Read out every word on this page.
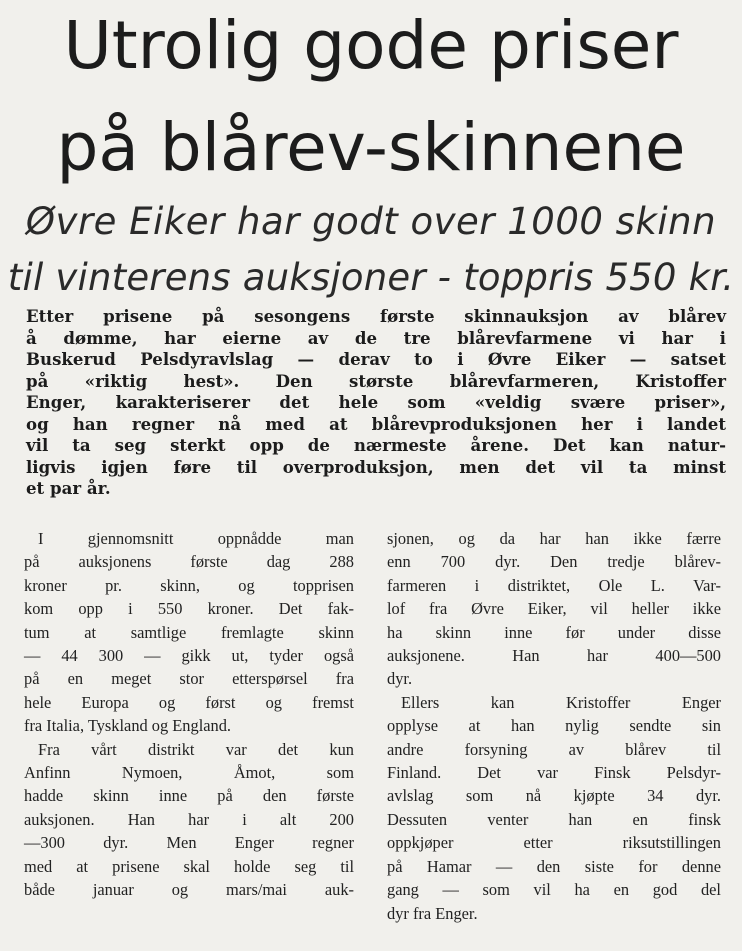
Utrolig gode priser
på blårev-skinnene
Øvre Eiker har godt over 1000 skinn
til vinterens auksjoner - toppris 550 kr.
Etter prisene på sesongens første skinnauksjon av blårev
å dømme, har eierne av de tre blårevfarmene vi har i
Buskerud Pelsdyravlslag — derav to i Øvre Eiker — satset
på «riktig hest». Den største blårevfarmeren, Kristoffer
Enger, karakteriserer det hele som «veldig svære priser»,
og han regner nå med at blårevproduksjonen her i landet
vil ta seg sterkt opp de nærmeste årene. Det kan natur-
ligvis igjen føre til overproduksjon, men det vil ta minst
et par år.
I gjennomsnitt oppnådde man
på auksjonens første dag 288
kroner pr. skinn, og topprisen
kom opp i 550 kroner. Det fak-
tum at samtlige fremlagte skinn
— 44 300 — gikk ut, tyder også
på en meget stor etterspørsel fra
hele Europa og først og fremst
fra Italia, Tyskland og England.
Fra vårt distrikt var det kun
Anfinn Nymoen, Åmot, som
hadde skinn inne på den første
auksjonen. Han har i alt 200
—300 dyr. Men Enger regner
med at prisene skal holde seg til
både januar og mars/mai auk-
sjonen, og da har han ikke færre
enn 700 dyr. Den tredje blårev-
farmeren i distriktet, Ole L. Var-
lof fra Øvre Eiker, vil heller ikke
ha skinn inne før under disse
auksjonene. Han har 400—500
dyr.
Ellers kan Kristoffer Enger
opplyse at han nylig sendte sin
andre forsyning av blårev til
Finland. Det var Finsk Pelsdyr-
avlslag som nå kjøpte 34 dyr.
Dessuten venter han en finsk
oppkjøper etter riksutstillingen
på Hamar — den siste for denne
gang — som vil ha en god del
dyr fra Enger.
